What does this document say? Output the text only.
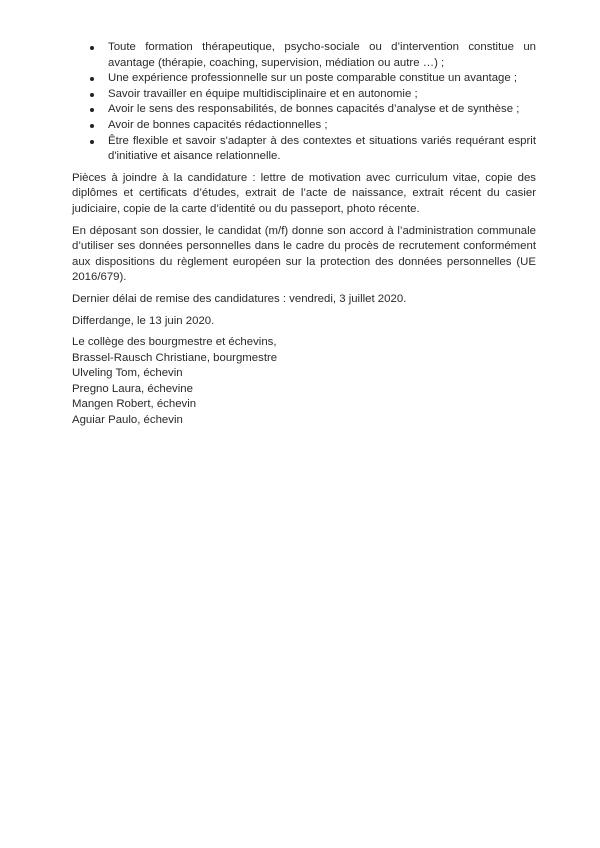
Toute formation thérapeutique, psycho-sociale ou d’intervention constitue un avantage (thérapie, coaching, supervision, médiation ou autre …) ;
Une expérience professionnelle sur un poste comparable constitue un avantage ;
Savoir travailler en équipe multidisciplinaire et en autonomie ;
Avoir le sens des responsabilités, de bonnes capacités d’analyse et de synthèse ;
Avoir de bonnes capacités rédactionnelles ;
Être flexible et savoir s'adapter à des contextes et situations variés requérant esprit d'initiative et aisance relationnelle.

Pièces à joindre à la candidature : lettre de motivation avec curriculum vitae, copie des diplômes et certificats d’études, extrait de l’acte de naissance, extrait récent du casier judiciaire, copie de la carte d’identité ou du passeport, photo récente.

En déposant son dossier, le candidat (m/f) donne son accord à l’administration communale d’utiliser ses données personnelles dans le cadre du procès de recrutement conformément aux dispositions du règlement européen sur la protection des données personnelles (UE 2016/679).

Dernier délai de remise des candidatures : vendredi, 3 juillet 2020.

Differdange, le 13 juin 2020.

Le collège des bourgmestre et échevins,

Brassel-Rausch Christiane, bourgmestre

Ulveling Tom, échevin

Pregno Laura, échevine

Mangen Robert, échevin

Aguiar Paulo, échevin
